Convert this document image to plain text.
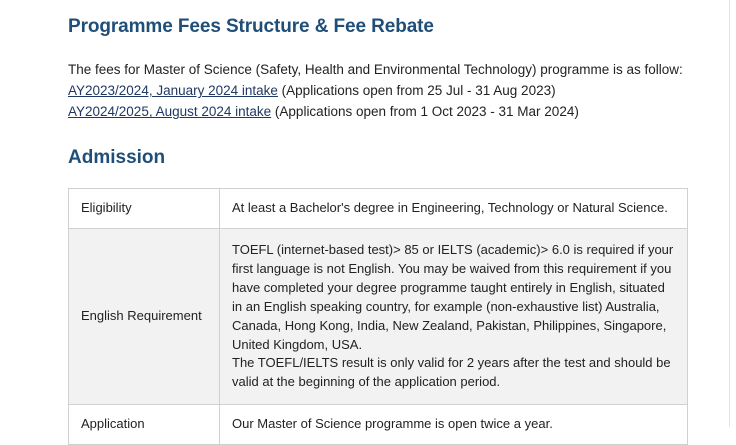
Programme Fees Structure & Fee Rebate

The fees for Master of Science (Safety, Health and Environmental Technology) programme is as follow:

AY2023/2024, January 2024 intake (Applications open from 25 Jul - 31 Aug 2023)
AY2024/2025, August 2024 intake (Applications open from 1 Oct 2023 - 31 Mar 2024)
Admission
Eligibility	At least a Bachelor's degree in Engineering, Technology or Natural Science.

English Requirement	TOEFL (internet-based test)> 85 or IELTS (academic)> 6.0 is required if your first language is not English. You may be waived from this requirement if you have completed your degree programme taught entirely in English, situated in an English speaking country, for example (non-exhaustive list) Australia, Canada, Hong Kong, India, New Zealand, Pakistan, Philippines, Singapore, United Kingdom, USA.

The TOEFL/IELTS result is only valid for 2 years after the test and should be valid at the beginning of the application period.

Application	Our Master of Science programme is open twice a year.
